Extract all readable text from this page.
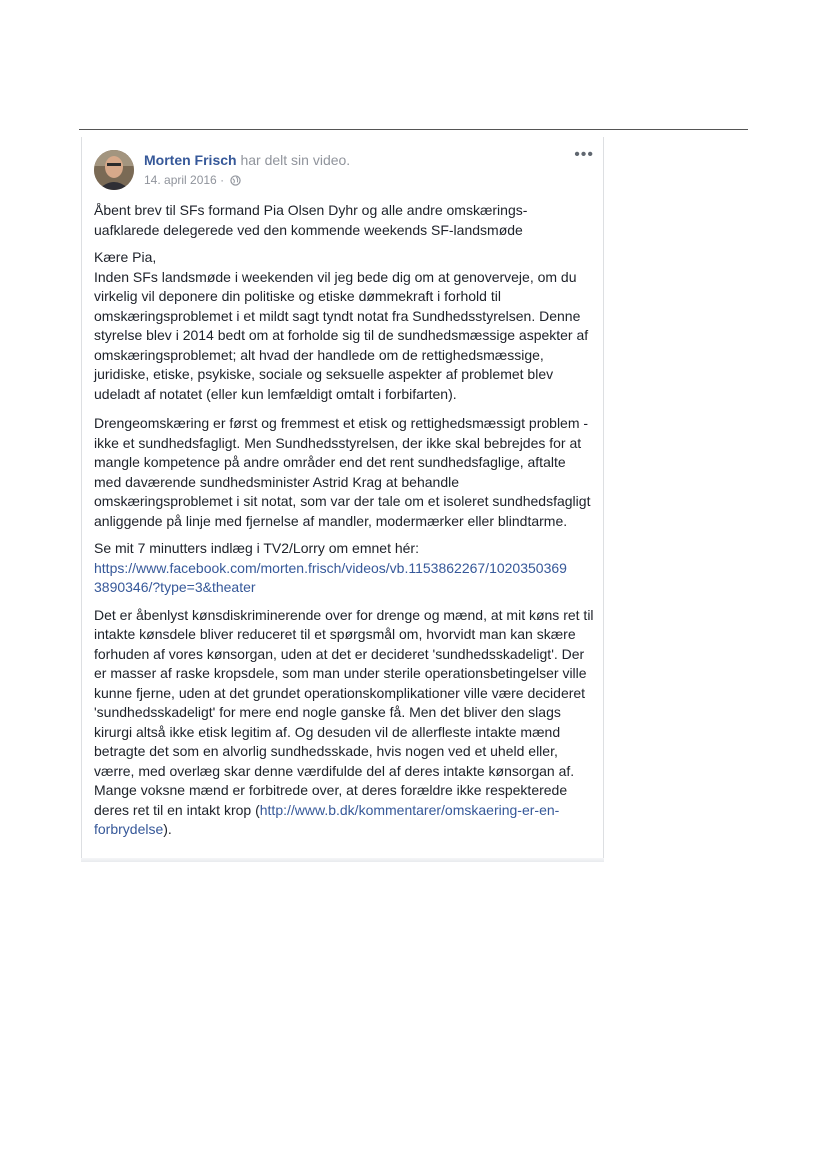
Morten Frisch har delt sin video.
14. april 2016 ·
•••

Åbent brev til SFs formand Pia Olsen Dyhr og alle andre omskærings-
uafklarede delegerede ved den kommende weekends SF-landsmøde

Kære Pia,
Inden SFs landsmøde i weekenden vil jeg bede dig om at genoverveje, om du virkelig vil deponere din politiske og etiske dømmekraft i forhold til omskæringsproblemet i et mildt sagt tyndt notat fra Sundhedsstyrelsen. Denne styrelse blev i 2014 bedt om at forholde sig til de sundhedsmæssige aspekter af omskæringsproblemet; alt hvad der handlede om de rettighedsmæssige, juridiske, etiske, psykiske, sociale og seksuelle aspekter af problemet blev udeladt af notatet (eller kun lemfældigt omtalt i forbifarten).

Drengeomskæring er først og fremmest et etisk og rettighedsmæssigt problem - ikke et sundhedsfagligt. Men Sundhedsstyrelsen, der ikke skal bebrejdes for at mangle kompetence på andre områder end det rent sundhedsfaglige, aftalte med daværende sundhedsminister Astrid Krag at behandle omskæringsproblemet i sit notat, som var der tale om et isoleret sundhedsfagligt anliggende på linje med fjernelse af mandler, modermærker eller blindtarme.

Se mit 7 minutters indlæg i TV2/Lorry om emnet hér:
https://www.facebook.com/morten.frisch/videos/vb.1153862267/1020350369
3890346/?type=3&theater

Det er åbenlyst kønsdiskriminerende over for drenge og mænd, at mit køns ret til intakte kønsdele bliver reduceret til et spørgsmål om, hvorvidt man kan skære forhuden af vores kønsorgan, uden at det er decideret 'sundhedsskadeligt'. Der er masser af raske kropsdele, som man under sterile operationsbetingelser ville kunne fjerne, uden at det grundet operationskomplikationer ville være decideret 'sundhedsskadeligt' for mere end nogle ganske få. Men det bliver den slags kirurgi altså ikke etisk legitim af. Og desuden vil de allerfleste intakte mænd betragte det som en alvorlig sundhedsskade, hvis nogen ved et uheld eller, værre, med overlæg skar denne værdifulde del af deres intakte kønsorgan af. Mange voksne mænd er forbitrede over, at deres forældre ikke respekterede deres ret til en intakt krop (http://www.b.dk/kommentarer/omskaering-er-en-forbrydelse).
